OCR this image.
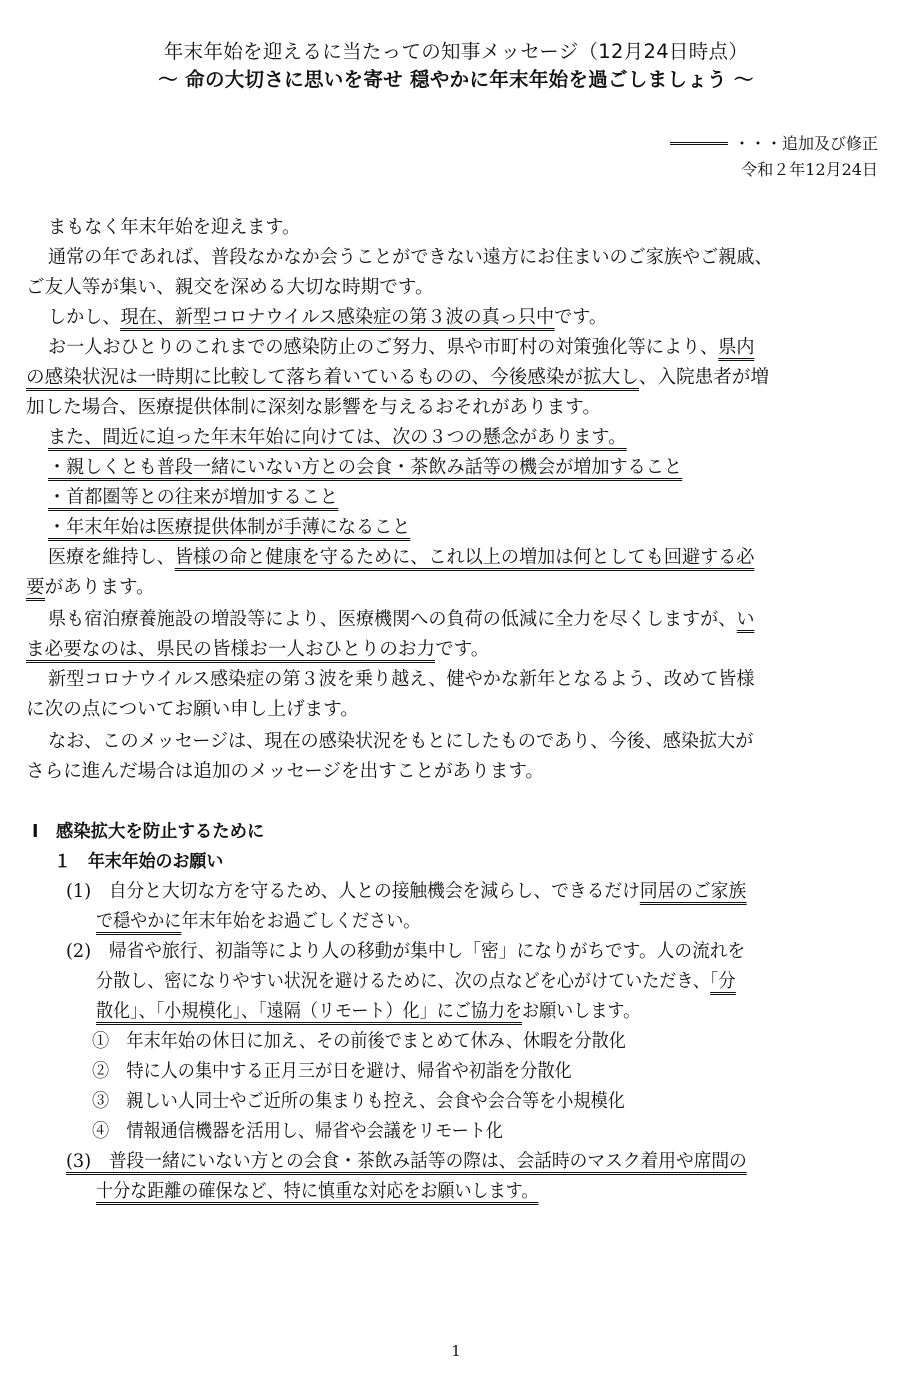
年末年始を迎えるに当たっての知事メッセージ（12月24日時点）
～ 命の大切さに思いを寄せ 穏やかに年末年始を過ごしましょう ～
・・・追加及び修正
令和２年12月24日
まもなく年末年始を迎えます。
通常の年であれば、普段なかなか会うことができない遠方にお住まいのご家族やご親戚、
ご友人等が集い、親交を深める大切な時期です。
しかし、現在、新型コロナウイルス感染症の第３波の真っ只中です。
お一人おひとりのこれまでの感染防止のご努力、県や市町村の対策強化等により、県内
の感染状況は一時期に比較して落ち着いているものの、今後感染が拡大し、入院患者が増
加した場合、医療提供体制に深刻な影響を与えるおそれがあります。
また、間近に迫った年末年始に向けては、次の３つの懸念があります。
・親しくとも普段一緒にいない方との会食・茶飲み話等の機会が増加すること
・首都圏等との往来が増加すること
・年末年始は医療提供体制が手薄になること
医療を維持し、皆様の命と健康を守るために、これ以上の増加は何としても回避する必
要があります。
県も宿泊療養施設の増設等により、医療機関への負荷の低減に全力を尽くしますが、い
ま必要なのは、県民の皆様お一人おひとりのお力です。
新型コロナウイルス感染症の第３波を乗り越え、健やかな新年となるよう、改めて皆様
に次の点についてお願い申し上げます。
なお、このメッセージは、現在の感染状況をもとにしたものであり、今後、感染拡大が
さらに進んだ場合は追加のメッセージを出すことがあります。
Ⅰ　感染拡大を防止するために
１　年末年始のお願い
(1)　自分と大切な方を守るため、人との接触機会を減らし、できるだけ同居のご家族
で穏やかに年末年始をお過ごしください。
(2)　帰省や旅行、初詣等により人の移動が集中し「密」になりがちです。人の流れを
分散し、密になりやすい状況を避けるために、次の点などを心がけていただき、「分
散化」、「小規模化」、「遠隔（リモート）化」にご協力をお願いします。
①　年末年始の休日に加え、その前後でまとめて休み、休暇を分散化
②　特に人の集中する正月三が日を避け、帰省や初詣を分散化
③　親しい人同士やご近所の集まりも控え、会食や会合等を小規模化
④　情報通信機器を活用し、帰省や会議をリモート化
(3)　普段一緒にいない方との会食・茶飲み話等の際は、会話時のマスク着用や席間の
十分な距離の確保など、特に慎重な対応をお願いします。
1
